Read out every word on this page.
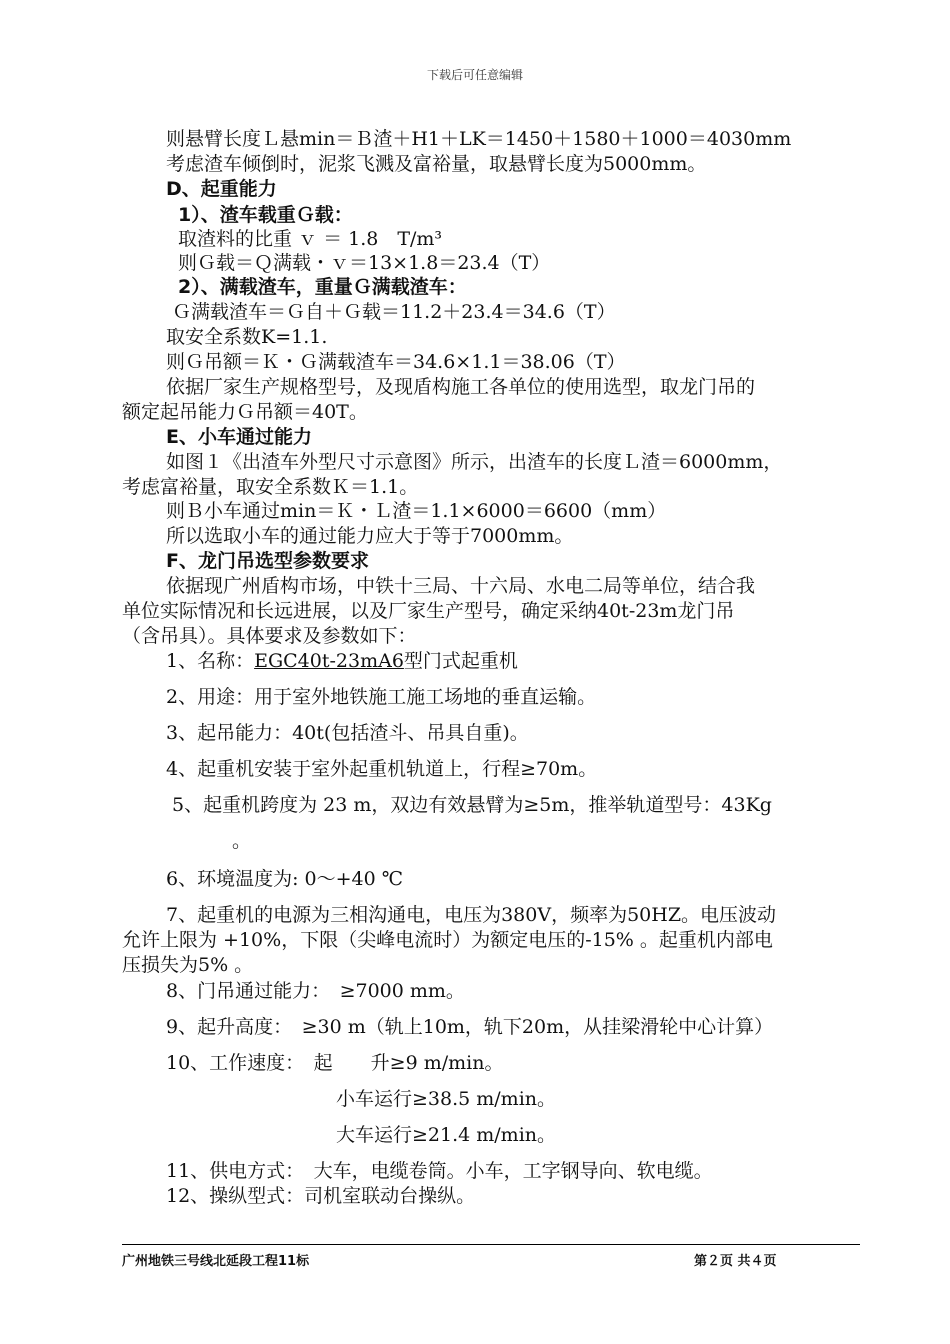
下载后可任意编辑
则悬臂长度Ｌ悬min＝Ｂ渣＋H1＋LK＝1450＋1580＋1000＝4030mm
考虑渣车倾倒时，泥浆飞溅及富裕量，取悬臂长度为5000mm。
D、起重能力
1）、渣车载重Ｇ载：
取渣料的比重 ｖ ＝ 1.8　T/m³
则Ｇ载＝Ｑ满载・ｖ＝13×1.8＝23.4（T）
2）、满载渣车，重量Ｇ满载渣车：
Ｇ满载渣车＝Ｇ自＋Ｇ载＝11.2＋23.4＝34.6（T）
取安全系数K=1.1.
则Ｇ吊额＝Ｋ・Ｇ满载渣车＝34.6×1.1＝38.06（T）
依据厂家生产规格型号，及现盾构施工各单位的使用选型，取龙门吊的
额定起吊能力Ｇ吊额＝40T。
E、小车通过能力
如图１《出渣车外型尺寸示意图》所示，出渣车的长度Ｌ渣＝6000mm，
考虑富裕量，取安全系数Ｋ＝1.1。
则Ｂ小车通过min＝Ｋ・Ｌ渣＝1.1×6000＝6600（mm）
所以选取小车的通过能力应大于等于7000mm。
F、龙门吊选型参数要求
依据现广州盾构市场，中铁十三局、十六局、水电二局等单位，结合我
单位实际情况和长远进展，以及厂家生产型号，确定采纳40t-23m龙门吊
（含吊具）。具体要求及参数如下：
1、名称：EGC40t-23mA6型门式起重机
2、用途：用于室外地铁施工施工场地的垂直运输。
3、起吊能力：40t(包括渣斗、吊具自重)。
4、起重机安装于室外起重机轨道上，行程≥70m。
5、起重机跨度为 23 m，双边有效悬臂为≥5m，推举轨道型号：43Kg
。
6、环境温度为: 0～+40 ℃
7、起重机的电源为三相沟通电，电压为380V，频率为50HZ。电压波动
允许上限为 +10%，下限（尖峰电流时）为额定电压的-15% 。起重机内部电
压损失为5% 。
8、门吊通过能力：　≥7000 mm。
9、起升高度：　≥30 m（轨上10m，轨下20m，从挂梁滑轮中心计算）
10、工作速度：　起　　升≥9 m/min。
小车运行≥38.5 m/min。
大车运行≥21.4 m/min。
11、供电方式：　大车，电缆卷筒。小车，工字钢导向、软电缆。
12、操纵型式：司机室联动台操纵。
广州地铁三号线北延段工程11标	第２页 共４页
